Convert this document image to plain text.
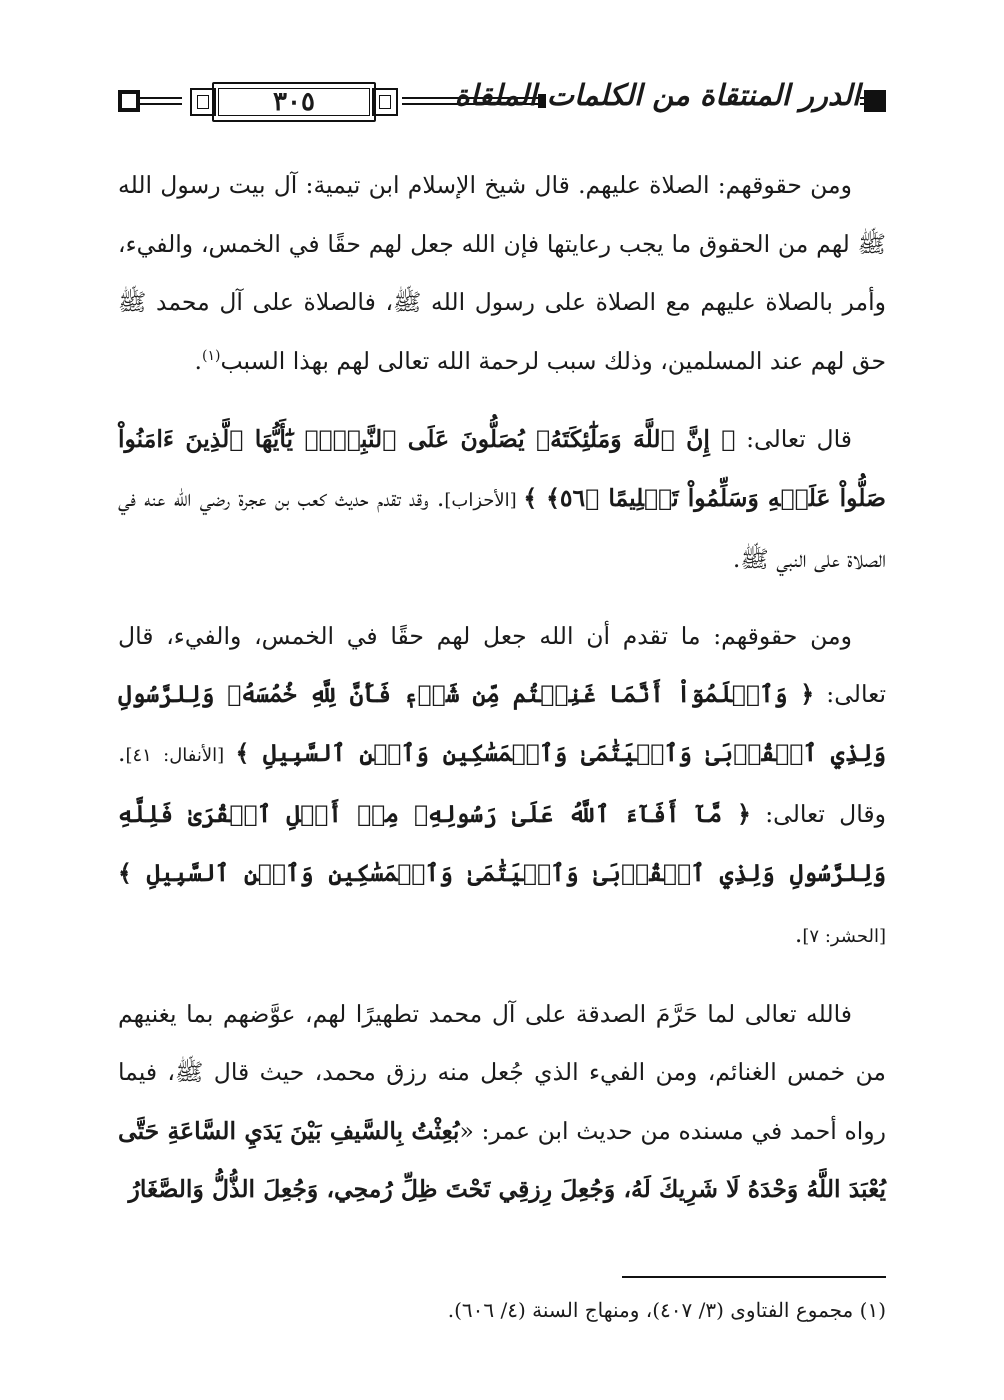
٣٠٥	الدرر المنتقاة من الكلمات الملقاة

ومن حقوقهم: الصلاة عليهم. قال شيخ الإسلام ابن تيمية: آل بيت رسول الله ﷺ لهم من الحقوق ما يجب رعايتها فإن الله جعل لهم حقًا في الخمس، والفيء، وأمر بالصلاة عليهم مع الصلاة على رسول الله ﷺ، فالصلاة على آل محمد ﷺ حق لهم عند المسلمين، وذلك سبب لرحمة الله تعالى لهم بهذا السبب$^{(١)}$.

قال تعالى: ﴿ إِنَّ ٱللَّهَ وَمَلَٰٓئِكَتَهُۥ يُصَلُّونَ عَلَى ٱلنَّبِيِّۚ يَٰٓأَيُّهَا ٱلَّذِينَ ءَامَنُواْ صَلُّواْ عَلَيۡهِ وَسَلِّمُواْ تَسۡلِيمًا ﴿٥٦﴾ ﴾ [الأحزاب]. وقد تقدم حديث كعب بن عجرة رضي الله عنه في الصلاة على النبي ﷺ.

ومن حقوقهم: ما تقدم أن الله جعل لهم حقًا في الخمس، والفيء، قال تعالى: ﴿ وَٱعۡلَمُوٓاْ أَنَّمَا غَنِمۡتُم مِّن شَيۡءٖ فَأَنَّ لِلَّهِ خُمُسَهُۥ وَلِلرَّسُولِ وَلِذِي ٱلۡقُرۡبَىٰ وَٱلۡيَتَٰمَىٰ وَٱلۡمَسَٰكِينِ وَٱبۡنِ ٱلسَّبِيلِ ﴾ [الأنفال: ٤١]. وقال تعالى: ﴿ مَّآ أَفَآءَ ٱللَّهُ عَلَىٰ رَسُولِهِۦ مِنۡ أَهۡلِ ٱلۡقُرَىٰ فَلِلَّهِ وَلِلرَّسُولِ وَلِذِي ٱلۡقُرۡبَىٰ وَٱلۡيَتَٰمَىٰ وَٱلۡمَسَٰكِينِ وَٱبۡنِ ٱلسَّبِيلِ ﴾ [الحشر: ٧].

فالله تعالى لما حَرَّمَ الصدقة على آل محمد تطهيرًا لهم، عوَّضهم بما يغنيهم من خمس الغنائم، ومن الفيء الذي جُعل منه رزق محمد، حيث قال ﷺ، فيما رواه أحمد في مسنده من حديث ابن عمر: «بُعِثْتُ بِالسَّيفِ بَيْنَ يَدَيِ السَّاعَةِ حَتَّى يُعْبَدَ اللَّهُ وَحْدَهُ لَا شَرِيكَ لَهُ، وَجُعِلَ رِزقِي تَحْتَ ظِلِّ رُمحِي، وَجُعِلَ الذُّلُّ وَالصَّغَارُ

(١) مجموع الفتاوى (٣/ ٤٠٧)، ومنهاج السنة (٤/ ٦٠٦).
